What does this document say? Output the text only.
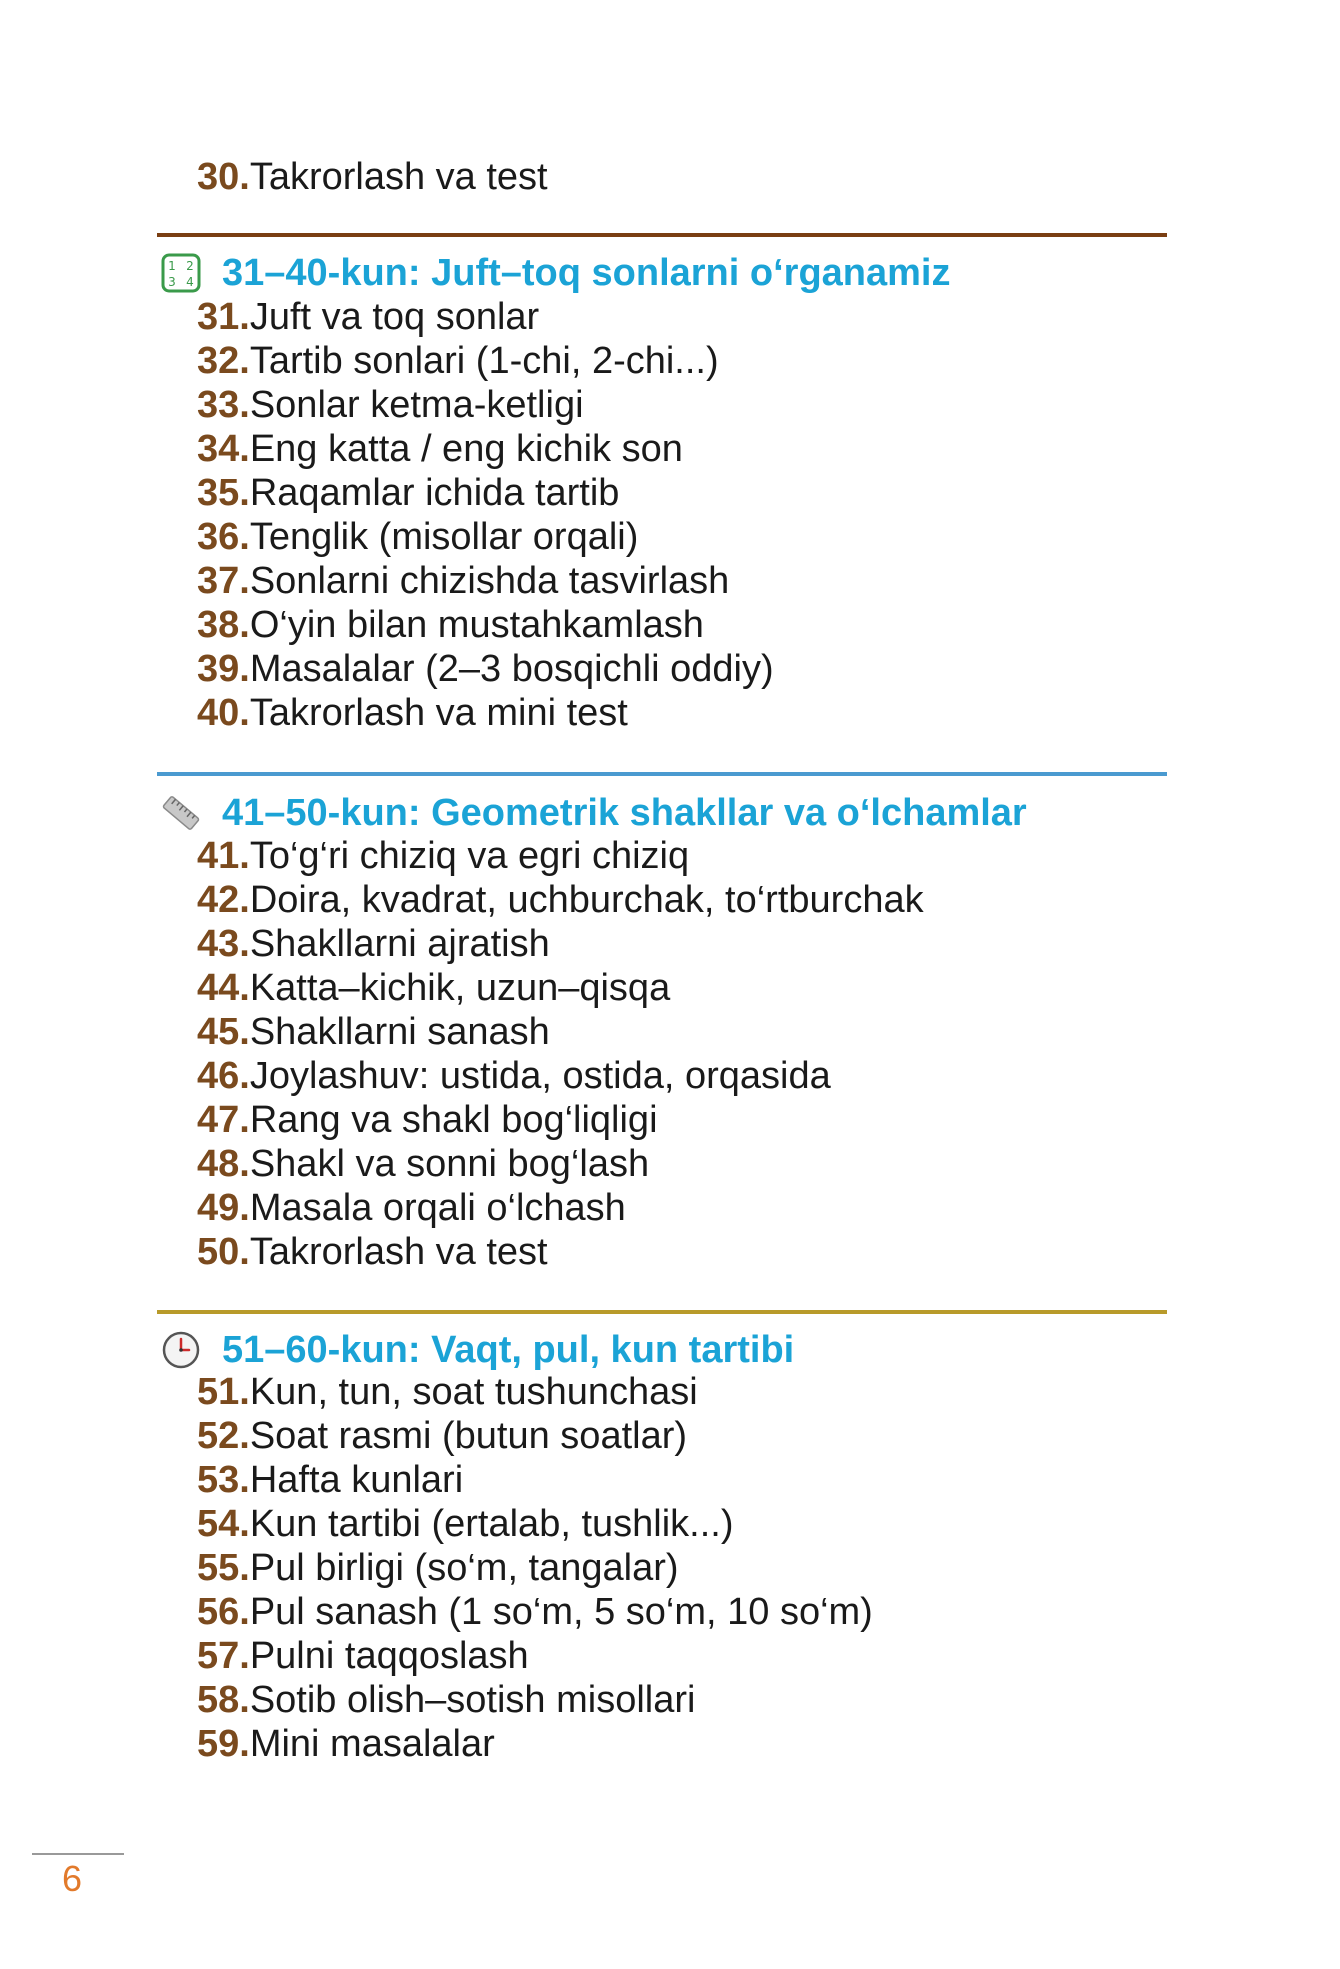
30.Takrorlash va test
1 2
3 4 31–40-kun: Juft–toq sonlarni o‘rganamiz
31.Juft va toq sonlar
32.Tartib sonlari (1-chi, 2-chi...)
33.Sonlar ketma-ketligi
34.Eng katta / eng kichik son
35.Raqamlar ichida tartib
36.Tenglik (misollar orqali)
37.Sonlarni chizishda tasvirlash
38.O‘yin bilan mustahkamlash
39.Masalalar (2–3 bosqichli oddiy)
40.Takrorlash va mini test
41–50-kun: Geometrik shakllar va o‘lchamlar
41.To‘g‘ri chiziq va egri chiziq
42.Doira, kvadrat, uchburchak, to‘rtburchak
43.Shakllarni ajratish
44.Katta–kichik, uzun–qisqa
45.Shakllarni sanash
46.Joylashuv: ustida, ostida, orqasida
47.Rang va shakl bog‘liqligi
48.Shakl va sonni bog‘lash
49.Masala orqali o‘lchash
50.Takrorlash va test
51–60-kun: Vaqt, pul, kun tartibi
51.Kun, tun, soat tushunchasi
52.Soat rasmi (butun soatlar)
53.Hafta kunlari
54.Kun tartibi (ertalab, tushlik...)
55.Pul birligi (so‘m, tangalar)
56.Pul sanash (1 so‘m, 5 so‘m, 10 so‘m)
57.Pulni taqqoslash
58.Sotib olish–sotish misollari
59.Mini masalalar
6
